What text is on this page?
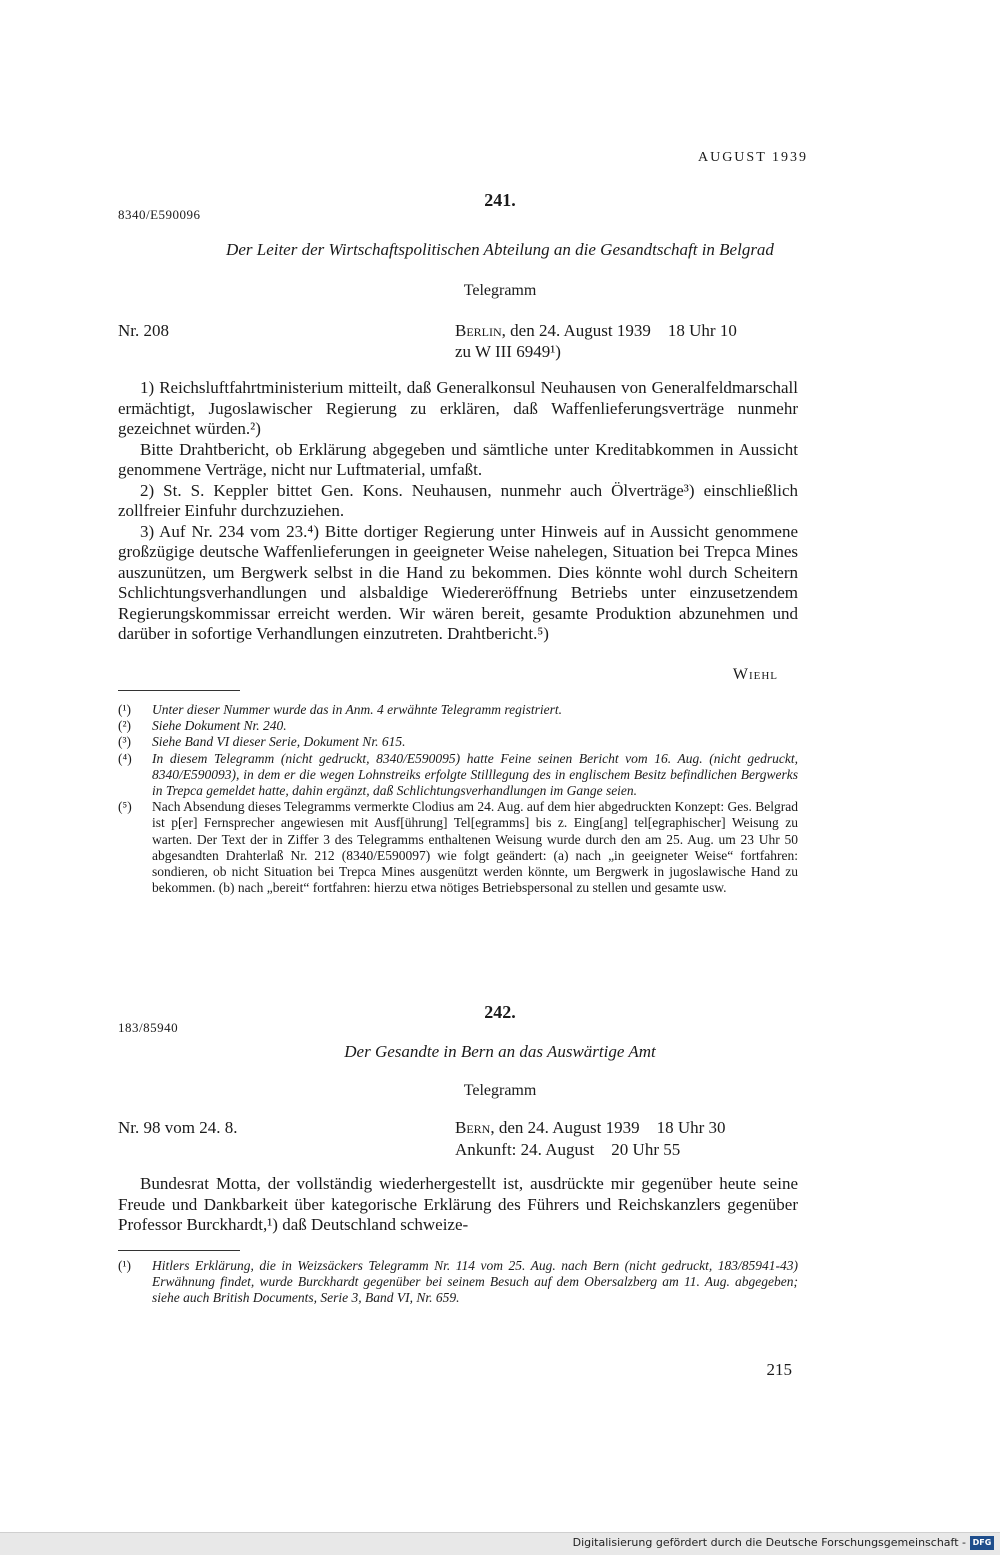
AUGUST 1939
241.
8340/E590096
Der Leiter der Wirtschaftspolitischen Abteilung an die Gesandtschaft in Belgrad
Telegramm
Nr. 208	Berlin, den 24. August 1939    18 Uhr 10
zu W III 6949¹)

1) Reichsluftfahrtministerium mitteilt, daß Generalkonsul Neuhausen von Generalfeldmarschall ermächtigt, Jugoslawischer Regierung zu erklären, daß Waffenlieferungsverträge nunmehr gezeichnet würden.²)

Bitte Drahtbericht, ob Erklärung abgegeben und sämtliche unter Kreditabkommen in Aussicht genommene Verträge, nicht nur Luftmaterial, umfaßt.

2) St. S. Keppler bittet Gen. Kons. Neuhausen, nunmehr auch Ölverträge³) einschließlich zollfreier Einfuhr durchzuziehen.

3) Auf Nr. 234 vom 23.⁴) Bitte dortiger Regierung unter Hinweis auf in Aussicht genommene großzügige deutsche Waffenlieferungen in geeigneter Weise nahelegen, Situation bei Trepca Mines auszunützen, um Bergwerk selbst in die Hand zu bekommen. Dies könnte wohl durch Scheitern Schlichtungsverhandlungen und alsbaldige Wiedereröffnung Betriebs unter einzusetzendem Regierungskommissar erreicht werden. Wir wären bereit, gesamte Produktion abzunehmen und darüber in sofortige Verhandlungen einzutreten. Drahtbericht.⁵)

Wiehl
(¹)	Unter dieser Nummer wurde das in Anm. 4 erwähnte Telegramm registriert.
(²)	Siehe Dokument Nr. 240.
(³)	Siehe Band VI dieser Serie, Dokument Nr. 615.
(⁴)	In diesem Telegramm (nicht gedruckt, 8340/E590095) hatte Feine seinen Bericht vom 16. Aug. (nicht gedruckt, 8340/E590093), in dem er die wegen Lohnstreiks erfolgte Stilllegung des in englischem Besitz befindlichen Bergwerks in Trepca gemeldet hatte, dahin ergänzt, daß Schlichtungsverhandlungen im Gange seien.
(⁵)	Nach Absendung dieses Telegramms vermerkte Clodius am 24. Aug. auf dem hier abgedruckten Konzept: Ges. Belgrad ist p[er] Fernsprecher angewiesen mit Ausf[ührung] Tel[egramms] bis z. Eing[ang] tel[egraphischer] Weisung zu warten. Der Text der in Ziffer 3 des Telegramms enthaltenen Weisung wurde durch den am 25. Aug. um 23 Uhr 50 abgesandten Drahterlaß Nr. 212 (8340/E590097) wie folgt geändert: (a) nach „in geeigneter Weise“ fortfahren: sondieren, ob nicht Situation bei Trepca Mines ausgenützt werden könnte, um Bergwerk in jugoslawische Hand zu bekommen. (b) nach „bereit“ fortfahren: hierzu etwa nötiges Betriebspersonal zu stellen und gesamte usw.
242.
183/85940
Der Gesandte in Bern an das Auswärtige Amt
Telegramm
Nr. 98 vom 24. 8.	Bern, den 24. August 1939    18 Uhr 30
Ankunft: 24. August    20 Uhr 55

Bundesrat Motta, der vollständig wiederhergestellt ist, ausdrückte mir gegenüber heute seine Freude und Dankbarkeit über kategorische Erklärung des Führers und Reichskanzlers gegenüber Professor Burckhardt,¹) daß Deutschland schweize-

(¹)	Hitlers Erklärung, die in Weizsäckers Telegramm Nr. 114 vom 25. Aug. nach Bern (nicht gedruckt, 183/85941-43) Erwähnung findet, wurde Burckhardt gegenüber bei seinem Besuch auf dem Obersalzberg am 11. Aug. abgegeben; siehe auch British Documents, Serie 3, Band VI, Nr. 659.
215
Digitalisierung gefördert durch die Deutsche Forschungsgemeinschaft - DFG
